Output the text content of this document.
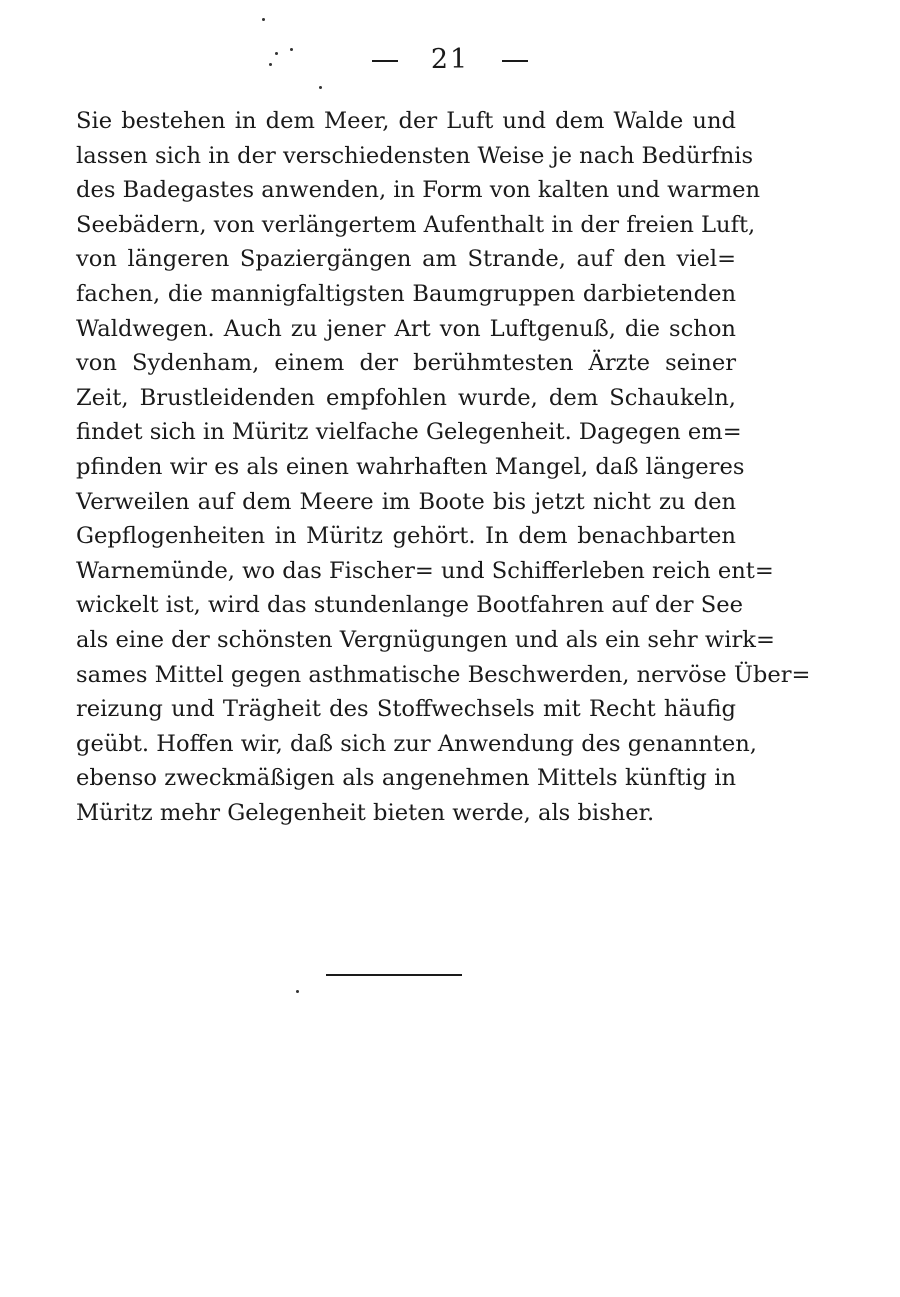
21
Sie bestehen in dem Meer, der Luft und dem Walde und
lassen sich in der verschiedensten Weise je nach Bedürfnis
des Badegastes anwenden, in Form von kalten und warmen
Seebädern, von verlängertem Aufenthalt in der freien Luft,
von längeren Spaziergängen am Strande, auf den viel=
fachen, die mannigfaltigsten Baumgruppen darbietenden
Waldwegen. Auch zu jener Art von Luftgenuß, die schon
von Sydenham, einem der berühmtesten Ärzte seiner
Zeit, Brustleidenden empfohlen wurde, dem Schaukeln,
findet sich in Müritz vielfache Gelegenheit. Dagegen em=
pfinden wir es als einen wahrhaften Mangel, daß längeres
Verweilen auf dem Meere im Boote bis jetzt nicht zu den
Gepflogenheiten in Müritz gehört. In dem benachbarten
Warnemünde, wo das Fischer= und Schifferleben reich ent=
wickelt ist, wird das stundenlange Bootfahren auf der See
als eine der schönsten Vergnügungen und als ein sehr wirk=
sames Mittel gegen asthmatische Beschwerden, nervöse Über=
reizung und Trägheit des Stoffwechsels mit Recht häufig
geübt. Hoffen wir, daß sich zur Anwendung des genannten,
ebenso zweckmäßigen als angenehmen Mittels künftig in
Müritz mehr Gelegenheit bieten werde, als bisher.
